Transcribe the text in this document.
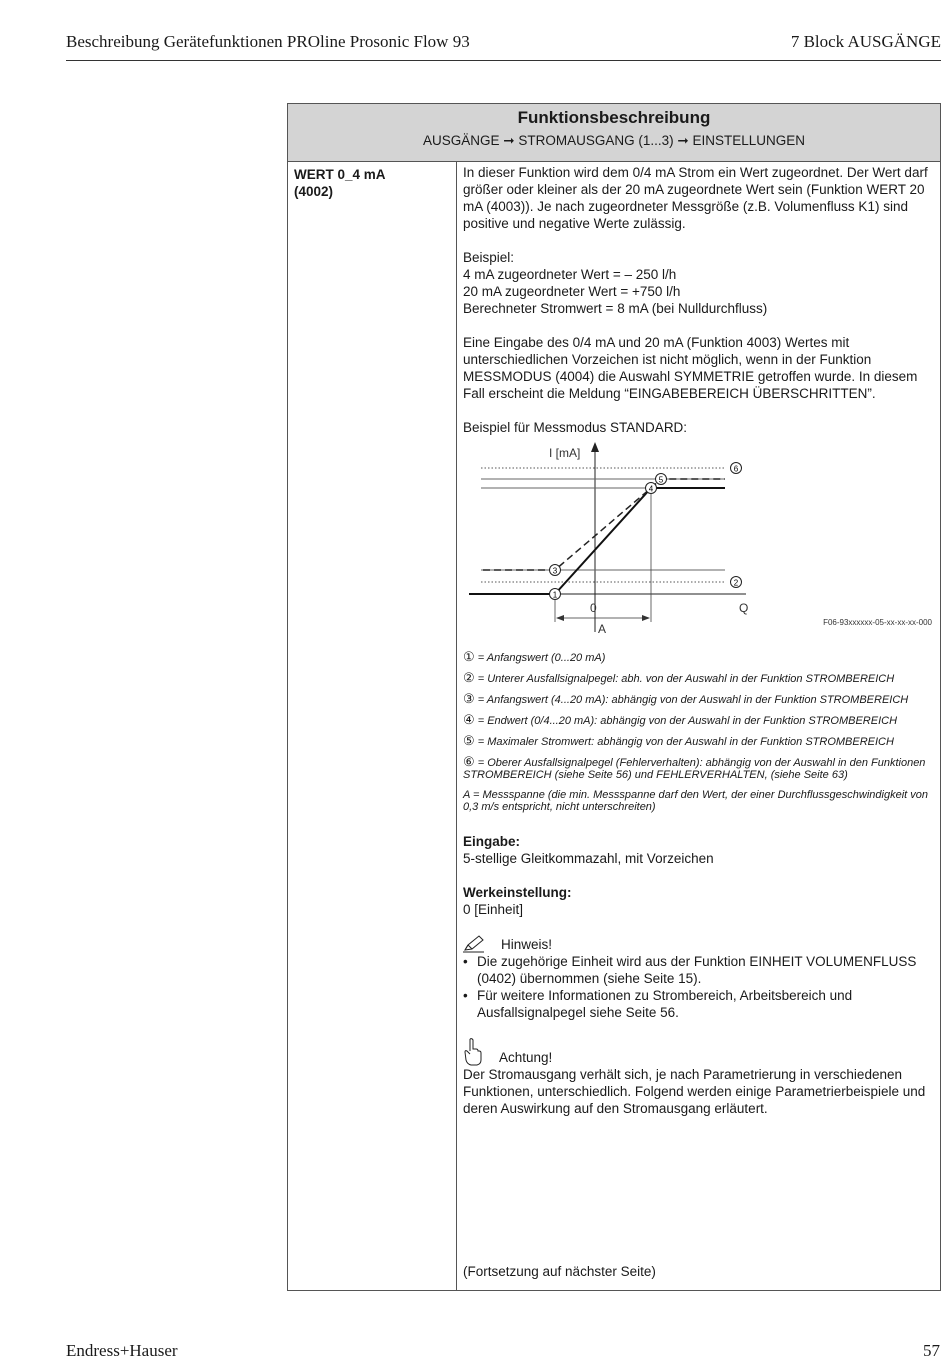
Beschreibung Gerätefunktionen PROline Prosonic Flow 93	7 Block AUSGÄNGE
Funktionsbeschreibung
AUSGÄNGE ➞ STROMAUSGANG (1...3) ➞ EINSTELLUNGEN
WERT 0_4 mA
(4002)

In dieser Funktion wird dem 0/4 mA Strom ein Wert zugeordnet. Der Wert darf größer oder kleiner als der 20 mA zugeordnete Wert sein (Funktion WERT 20 mA (4003)). Je nach zugeordneter Messgröße (z.B. Volumenfluss K1) sind positive und negative Werte zulässig.

Beispiel:

4 mA zugeordneter Wert = – 250 l/h

20 mA zugeordneter Wert = +750 l/h

Berechneter Stromwert = 8 mA (bei Nulldurchfluss)

Eine Eingabe des 0/4 mA und 20 mA (Funktion 4003) Wertes mit unterschiedlichen Vorzeichen ist nicht möglich, wenn in der Funktion MESSMODUS (4004) die Auswahl SYMMETRIE getroffen wurde. In diesem Fall erscheint die Meldung “EINGABEBEREICH ÜBERSCHRITTEN”.

Beispiel für Messmodus STANDARD:

I [mA]
Q
0
A
1
2
3
4
5
6
F06-93xxxxxx-05-xx-xx-xx-000

① = Anfangswert (0...20 mA)

② = Unterer Ausfallsignalpegel: abh. von der Auswahl in der Funktion STROMBEREICH

③ = Anfangswert (4...20 mA): abhängig von der Auswahl in der Funktion STROMBEREICH

④ = Endwert (0/4...20 mA): abhängig von der Auswahl in der Funktion STROMBEREICH

⑤ = Maximaler Stromwert: abhängig von der Auswahl in der Funktion STROMBEREICH

⑥ = Oberer Ausfallsignalpegel (Fehlerverhalten): abhängig von der Auswahl in den Funktionen STROMBEREICH (siehe Seite 56) und FEHLERVERHALTEN, (siehe Seite 63)

A = Messspanne (die min. Messspanne darf den Wert, der einer Durchflussgeschwindigkeit von 0,3 m/s entspricht, nicht unterschreiten)

Eingabe:

5-stellige Gleitkommazahl, mit Vorzeichen

Werkeinstellung:

0 [Einheit]

Hinweis!
• Die zugehörige Einheit wird aus der Funktion EINHEIT VOLUMENFLUSS (0402) übernommen (siehe Seite 15).
• Für weitere Informationen zu Strombereich, Arbeitsbereich und Ausfallsignalpegel siehe Seite 56.
Achtung!

Der Stromausgang verhält sich, je nach Parametrierung in verschiedenen Funktionen, unterschiedlich. Folgend werden einige Parametrierbeispiele und deren Auswirkung auf den Stromausgang erläutert.

(Fortsetzung auf nächster Seite)

Endress+Hauser	57
